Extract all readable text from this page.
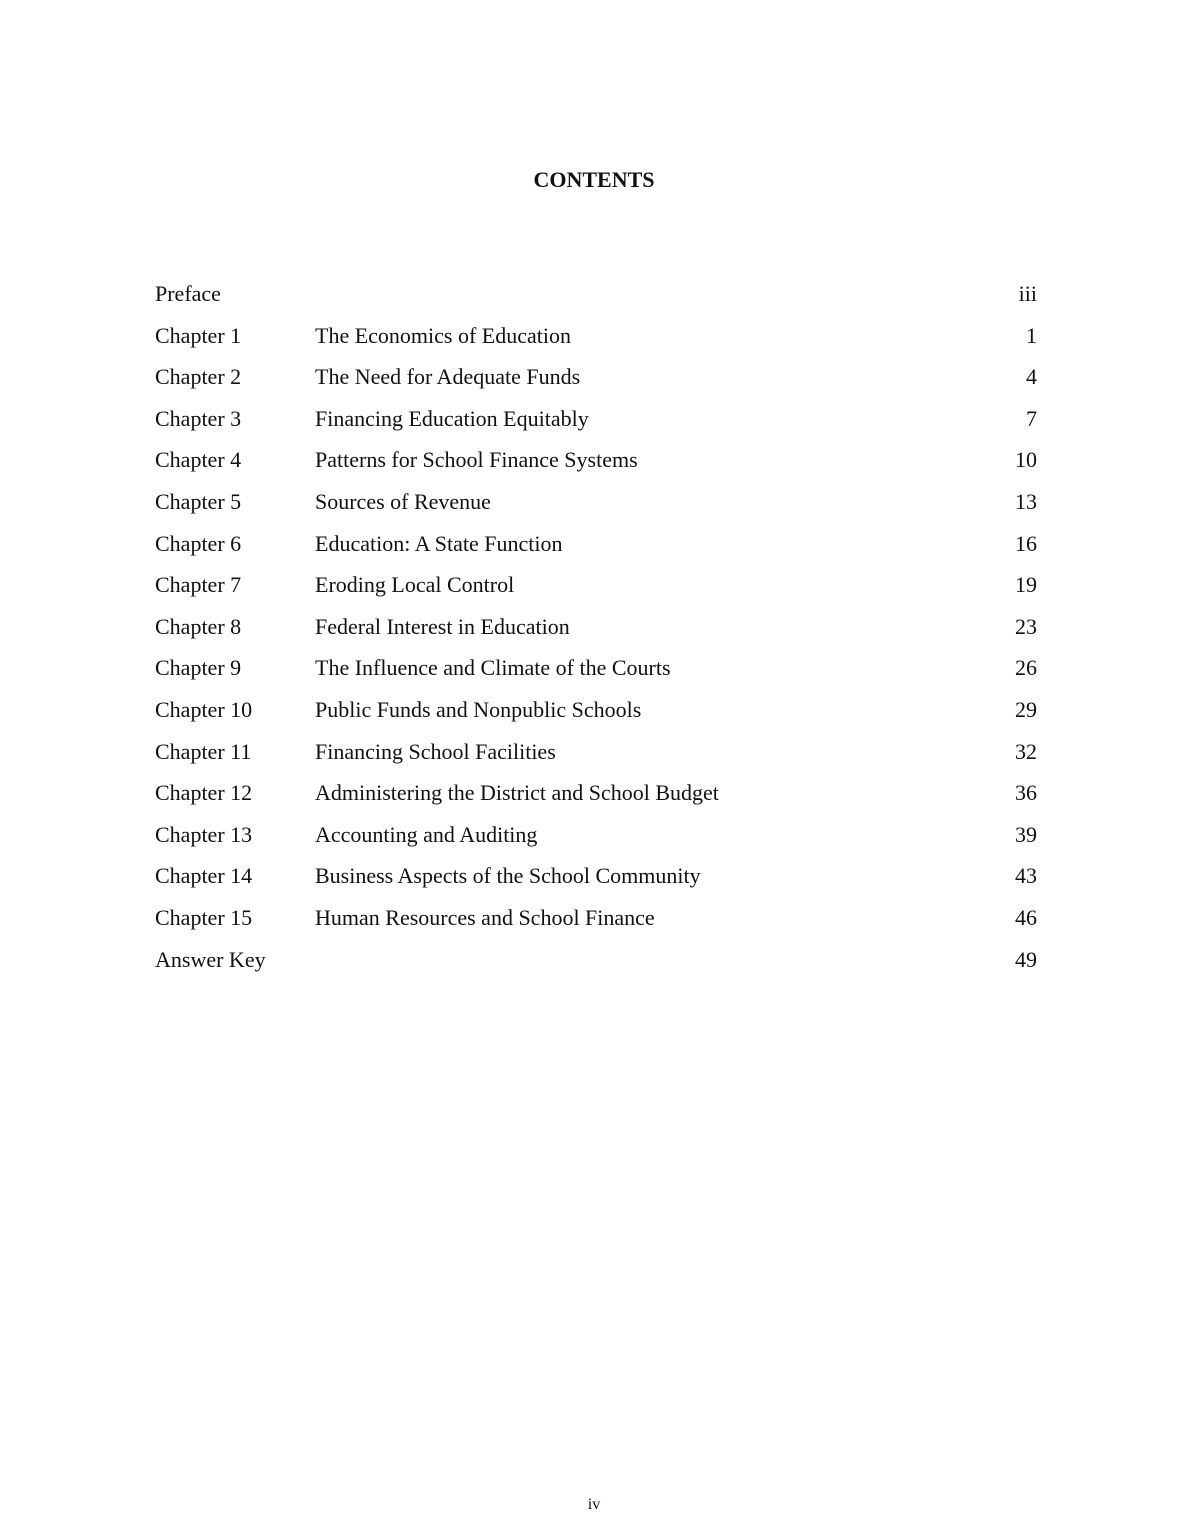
CONTENTS
Preface	iii
Chapter 1	The Economics of Education	1
Chapter 2	The Need for Adequate Funds	4
Chapter 3	Financing Education Equitably	7
Chapter 4	Patterns for School Finance Systems	10
Chapter 5	Sources of Revenue	13
Chapter 6	Education: A State Function	16
Chapter 7	Eroding Local Control	19
Chapter 8	Federal Interest in Education	23
Chapter 9	The Influence and Climate of the Courts	26
Chapter 10	Public Funds and Nonpublic Schools	29
Chapter 11	Financing School Facilities	32
Chapter 12	Administering the District and School Budget	36
Chapter 13	Accounting and Auditing	39
Chapter 14	Business Aspects of the School Community	43
Chapter 15	Human Resources and School Finance	46
Answer Key	49
iv
